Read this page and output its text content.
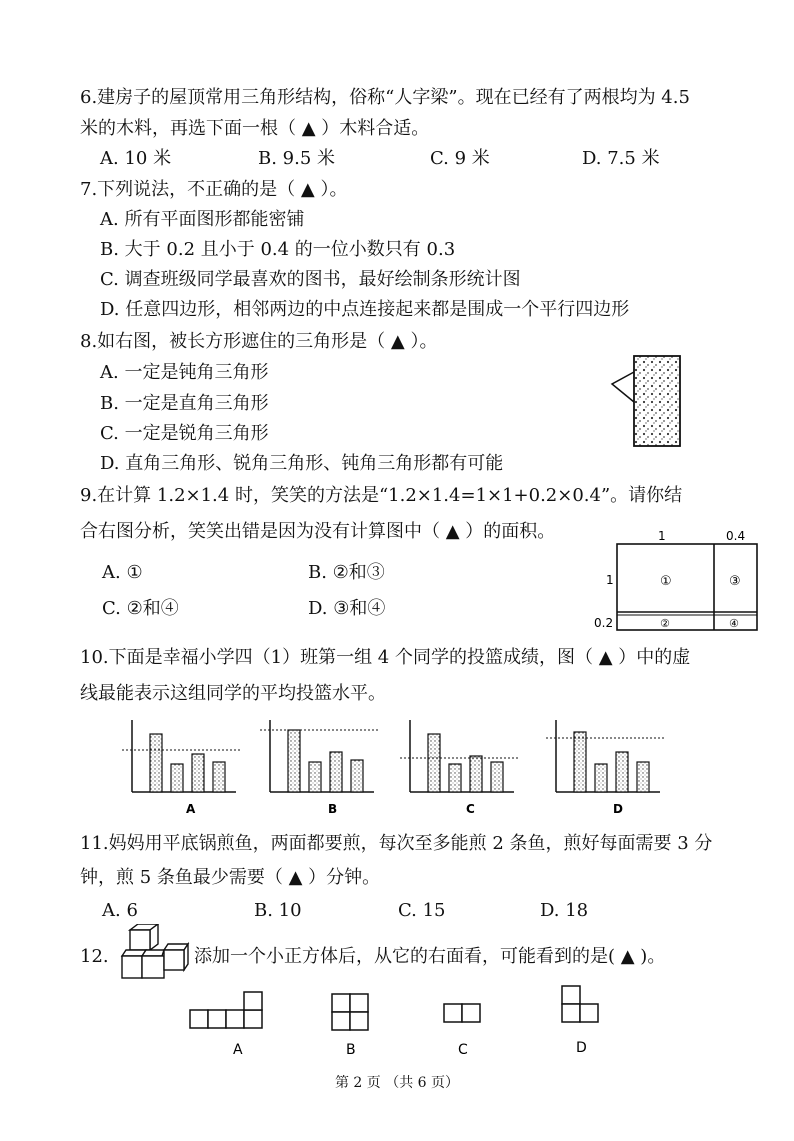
6.建房子的屋顶常用三角形结构，俗称“人字梁”。现在已经有了两根均为 4.5
米的木料，再选下面一根（ ▲ ）木料合适。
A. 10 米	B. 9.5 米	C. 9 米	D. 7.5 米
7.下列说法，不正确的是（ ▲ ）。
A. 所有平面图形都能密铺
B. 大于 0.2 且小于 0.4 的一位小数只有 0.3
C. 调查班级同学最喜欢的图书，最好绘制条形统计图
D. 任意四边形，相邻两边的中点连接起来都是围成一个平行四边形
8.如右图，被长方形遮住的三角形是（ ▲ ）。
A. 一定是钝角三角形
B. 一定是直角三角形
C. 一定是锐角三角形
D. 直角三角形、锐角三角形、钝角三角形都有可能
9.在计算 1.2×1.4 时，笑笑的方法是“1.2×1.4=1×1+0.2×0.4”。请你结
合右图分析，笑笑出错是因为没有计算图中（ ▲ ）的面积。
A. ①	B. ②和③
C. ②和④	D. ③和④
1	0.4
1
0.2
①
②
③
④
10.下面是幸福小学四（1）班第一组 4 个同学的投篮成绩，图（ ▲ ）中的虚
线最能表示这组同学的平均投篮水平。
A	B	C	D
11.妈妈用平底锅煎鱼，两面都要煎，每次至多能煎 2 条鱼，煎好每面需要 3 分
钟，煎 5 条鱼最少需要（ ▲ ）分钟。
A. 6	B. 10	C. 15	D. 18
12.	添加一个小正方体后，从它的右面看，可能看到的是( ▲ )。
A	B	C	D
第 2 页 （共 6 页）
